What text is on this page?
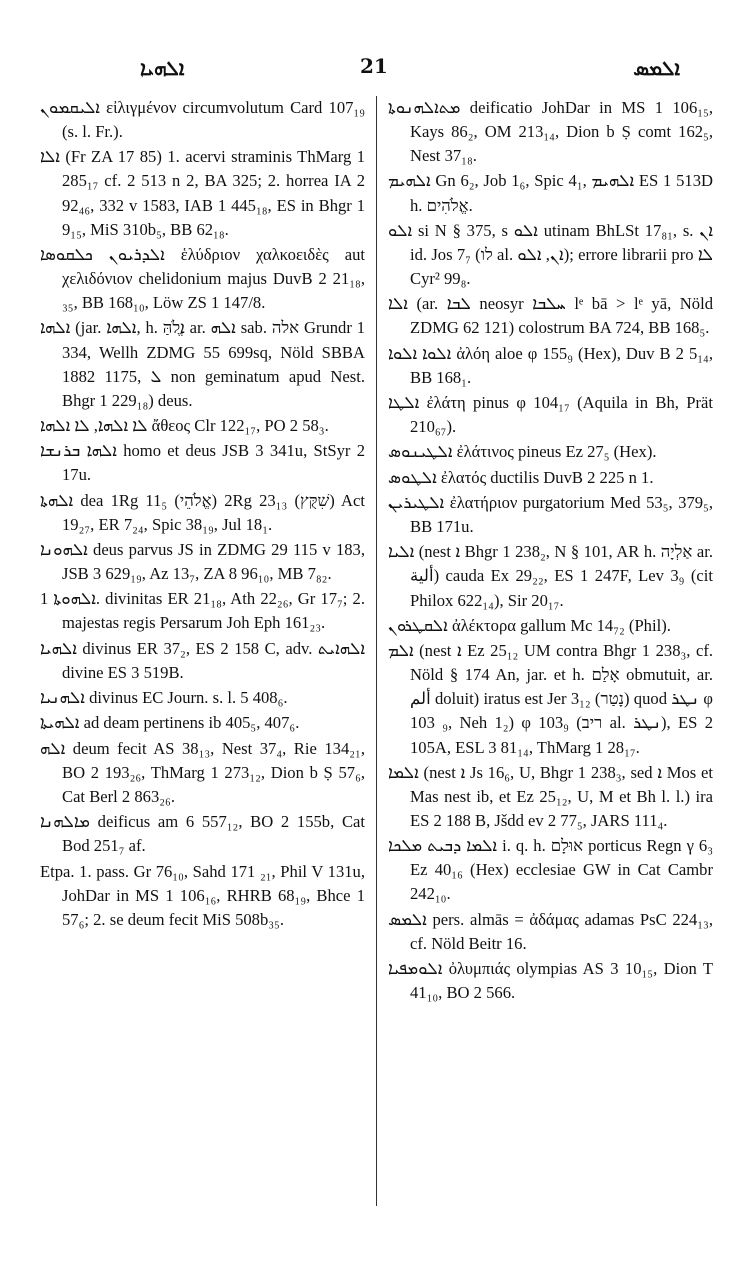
ܐܠܗܝܐ	21	ܐܠܡܣ

ܐܠܝܩܡܘܢ εἰλιγμένον circumvolutum Card 107₁₉ (s. l. Fr.).

ܐܠܐ (Fr ZA 17 85) 1. acervi straminis ThMarg 1 285₁₇ cf. 2 513 n 2, BA 325; 2. horrea IA 2 92₄₆, 332 v 1583, IAB 1 445₁₈, ES in Bhgr 1 9₁₅, MiS 310b₅, BB 62₁₈.

ܐܠܕܪܝܘܢ ܟܠܩܘܣܐ ἑλύδριον χαλκοειδὲς aut χελιδόνιον chelidonium majus DuvB 2 21₁₈, ₃₅, BB 168₁₀, Löw ZS 1 147/8.

ܐܠܗܐ (jar. ܐܠܗܐ, h. ܐֱלֹהַּ ar. ܐܠܗ sab. אלה Grundr 1 334, Wellh ZDMG 55 699sq, Nöld SBBA 1882 1175, ܠ non geminatum apud Nest. Bhgr 1 229₁₈) deus.

ܠܐ ܐܠܗܐ, ܠܐ ܐܠܗܐ ἄθεος Clr 122₁₇, PO 2 58₃.

ܐܠܗܐ ܒܪܢܫܐ homo et deus JSB 3 341u, StSyr 2 17u.

ܐܠܗܬܐ dea 1Rg 11₅ (אֱלֹהֵי) 2Rg 23₁₃ (שִׁקֻּץ) Act 19₂₇, ER 7₂₄, Spic 38₁₉, Jul 18₁.

ܐܠܗܘܢܐ deus parvus JS in ZDMG 29 115 v 183, JSB 3 629₁₉, Az 13₇, ZA 8 96₁₀, MB 7₈₂.

ܐܠܗܘܬܐ 1. divinitas ER 21₁₈, Ath 22₂₆, Gr 17₇; 2. majestas regis Persarum Joh Eph 161₂₃.

ܐܠܗܝܐ divinus ER 37₂, ES 2 158 C, adv. ܐܠܗܐܝܬ divine ES 3 519B.

ܐܠܗܢܝܐ divinus EC Journ. s. l. 5 408₆.

ܐܠܗܝܬܐ ad deam pertinens ib 405₅, 407₆.

ܐܠܗ deum fecit AS 38₁₃, Nest 37₄, Rie 134₂₁, BO 2 193₂₆, ThMarg 1 273₁₂, Dion b Ṣ 57₆, Cat Berl 2 863₂₆.

ܡܐܠܗܢܐ deificus am 6 557₁₂, BO 2 155b, Cat Bod 251₇ af.

Etpa. 1. pass. Gr 76₁₀, Sahd 171 ₂₁, Phil V 131u, JohDar in MS 1 106₁₆, RHRB 68₁₉, Bhce 1 57₆; 2. se deum fecit MiS 508b₃₅.

ܡܬܐܠܗܢܘܬܐ deificatio JohDar in MS 1 106₁₅, Kays 86₂, OM 213₁₄, Dion b Ṣ comt 162₅, Nest 37₁₈.

ܐܠܗܝܡ Gn 6₂, Job 1₆, Spic 4₁, ܐܠܗܝܡ ES 1 513D h. אֱלֹהִים.

ܐܠܘ si N § 375, s ܐܠܘ utinam BhLSt 17₈₁, s. ܐܢ id. Jos 7₇ (לו al. ܐܢ, ܐܠܘ); errore librarii pro ܠܐ Cyr² 99₈.

ܐܠܐ (ar. ܠܒܐ neosyr ܚܠܒܐ lᵉ bā > lᵉ yā, Nöld ZDMG 62 121) colostrum BA 724, BB 168₅.

ܐܠܘܐ ܐܠܘܐ ἀλόη aloe φ 155₉ (Hex), Duv B 2 5₁₄, BB 168₁.

ܐܠܛܐ ἐλάτη pinus φ 104₁₇ (Aquila in Bh, Prät 210₆₇).

ܐܠܛܝܢܘܣ ἐλάτινος pineus Ez 27₅ (Hex).

ܐܠܛܘܣ ἐλατός ductilis DuvB 2 225 n 1.

ܐܠܛܝܪܝܢ ἐλατήριον purgatorium Med 53₅, 379₅, BB 171u.

ܐܠܝܐ (nest ܐ Bhgr 1 238₂, N § 101, AR h. אַלְיָה ar. ألية) cauda Ex 29₂₂, ES 1 247F, Lev 3₉ (cit Philox 622₁₄), Sir 20₁₇.

ܐܠܩܛܪܘܢ ἀλέκτορα gallum Mc 14₇₂ (Phil).

ܐܠܡ (nest ܐ Ez 25₁₂ UM contra Bhgr 1 238₃, cf. Nöld § 174 An, jar. et h. אָלַם obmutuit, ar. ألم doluit) iratus est Jer 3₁₂ (נָטַר) quod ܢܛܪ φ 103 ₉, Neh 1₂) φ 103₉ (ריב al. ܢܛܪ), ES 2 105A, ESL 3 81₁₄, ThMarg 1 28₁₇.

ܐܠܡܐ (nest ܐ Js 16₆, U, Bhgr 1 238₃, sed ܐ Mos et Mas nest ib, et Ez 25₁₂, U, M et Bh l. l.) ira ES 2 188 B, Jšdd ev 2 77₅, JARS 111₄.

ܐܠܡܐ ܕܒܝܬ ܡܠܟܐ i. q. h. אוּלָם porticus Regn γ 6₃ Ez 40₁₆ (Hex) ecclesiae GW in Cat Cambr 242₁₀.

ܐܠܡܣ pers. almās = ἀδάμας adamas PsC 224₁₃, cf. Nöld Beitr 16.

ܐܠܘܡܦܝܐ ὀλυμπιάς olympias AS 3 10₁₅, Dion T 41₁₀, BO 2 566.
